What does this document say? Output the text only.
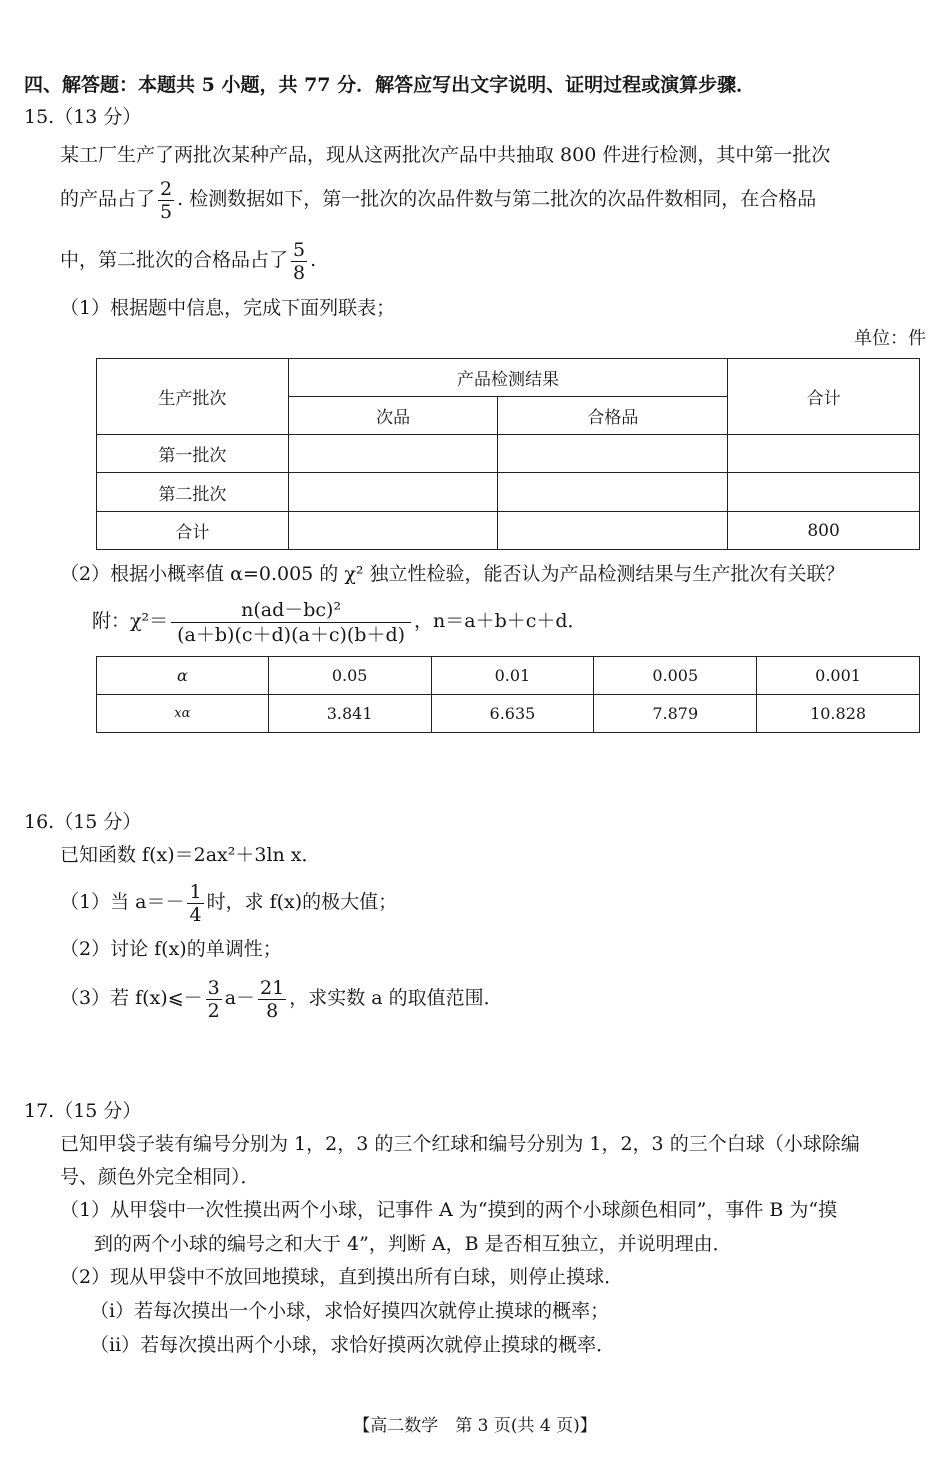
四、解答题：本题共 5 小题，共 77 分．解答应写出文字说明、证明过程或演算步骤．
15.（13 分）
某工厂生产了两批次某种产品，现从这两批次产品中共抽取 800 件进行检测，其中第一批次
的产品占了 $\frac{2}{5}$ . 检测数据如下，第一批次的次品件数与第二批次的次品件数相同，在合格品
中，第二批次的合格品占了 $\frac{5}{8}$ .
（1）根据题中信息，完成下面列联表；
单位：件
生产批次	产品检测结果		合计
	次品	合格品	
第一批次			
第二批次			
合计			800
（2）根据小概率值 α=0.005 的 χ² 独立性检验，能否认为产品检测结果与生产批次有关联？
附：$\chi^2= \frac{\text{n(ad－bc)²}}{(a+b)(c+d)(a+c)(b+d)}$ ，n＝a＋b＋c＋d．
α	0.05	0.01	0.005	0.001
xα	3.841	6.635	7.879	10.828
16.（15 分）
已知函数 f(x)＝2ax²＋3ln x．
（1）当 $a=- \frac{1}{4}$ 时，求 f(x)的极大值；
（2）讨论 f(x)的单调性；
（3）若 f(x)⩽－ $\frac{3}{2} a- \frac{21}{8}$ ，求实数 a 的取值范围．
17.（15 分）
已知甲袋子装有编号分别为 1，2，3 的三个红球和编号分别为 1，2，3 的三个白球（小球除编
号、颜色外完全相同）．
（1）从甲袋中一次性摸出两个小球，记事件 A 为“摸到的两个小球颜色相同”，事件 B 为“摸
到的两个小球的编号之和大于 4”，判断 A，B 是否相互独立，并说明理由．
（2）现从甲袋中不放回地摸球，直到摸出所有白球，则停止摸球．
（ⅰ）若每次摸出一个小球，求恰好摸四次就停止摸球的概率；
（ⅱ）若每次摸出两个小球，求恰好摸两次就停止摸球的概率．
【高二数学　第 3 页(共 4 页)】
